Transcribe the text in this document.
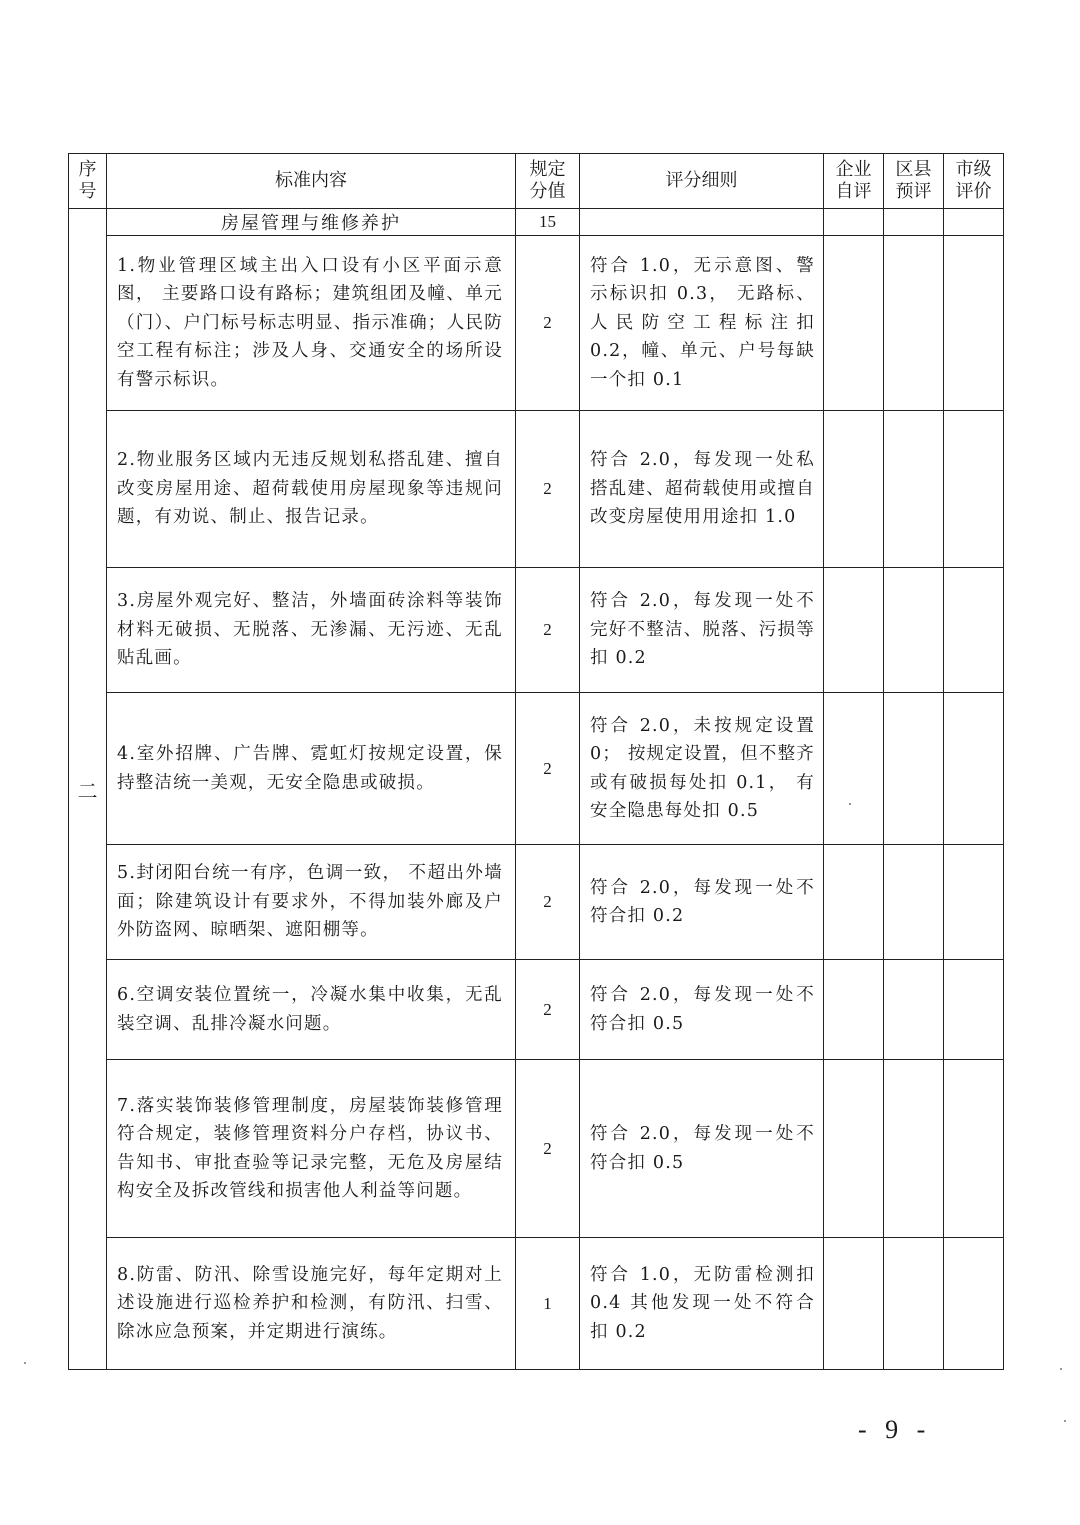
序号	标准内容	规定分值	评分细则	企业自评	区县预评	市级评价
二	房屋管理与维修养护	15				
	1.物业管理区域主出入口设有小区平面示意图， 主要路口设有路标；建筑组团及幢、单元（门）、户门标号标志明显、指示准确；人民防空工程有标注；涉及人身、交通安全的场所设有警示标识。	2	符合 1.0，无示意图、警示标识扣 0.3， 无路标、人民防空工程标注扣 0.2，幢、单元、户号每缺一个扣 0.1			
	2.物业服务区域内无违反规划私搭乱建、擅自改变房屋用途、超荷载使用房屋现象等违规问题，有劝说、制止、报告记录。	2	符合 2.0，每发现一处私搭乱建、超荷载使用或擅自改变房屋使用用途扣 1.0			
	3.房屋外观完好、整洁，外墙面砖涂料等装饰材料无破损、无脱落、无渗漏、无污迹、无乱贴乱画。	2	符合 2.0，每发现一处不完好不整洁、脱落、污损等扣 0.2			
	4.室外招牌、广告牌、霓虹灯按规定设置，保持整洁统一美观，无安全隐患或破损。	2	符合 2.0，未按规定设置 0； 按规定设置，但不整齐或有破损每处扣 0.1， 有安全隐患每处扣 0.5			
	5.封闭阳台统一有序，色调一致， 不超出外墙面；除建筑设计有要求外，不得加装外廊及户外防盗网、晾晒架、遮阳棚等。	2	符合 2.0，每发现一处不符合扣 0.2			
	6.空调安装位置统一，冷凝水集中收集，无乱装空调、乱排冷凝水问题。	2	符合 2.0，每发现一处不符合扣 0.5			
	7.落实装饰装修管理制度，房屋装饰装修管理符合规定，装修管理资料分户存档，协议书、告知书、审批查验等记录完整，无危及房屋结构安全及拆改管线和损害他人利益等问题。	2	符合 2.0，每发现一处不符合扣 0.5			
	8.防雷、防汛、除雪设施完好，每年定期对上述设施进行巡检养护和检测，有防汛、扫雪、除冰应急预案，并定期进行演练。	1	符合 1.0，无防雷检测扣 0.4 其他发现一处不符合扣 0.2			
- 9 -
